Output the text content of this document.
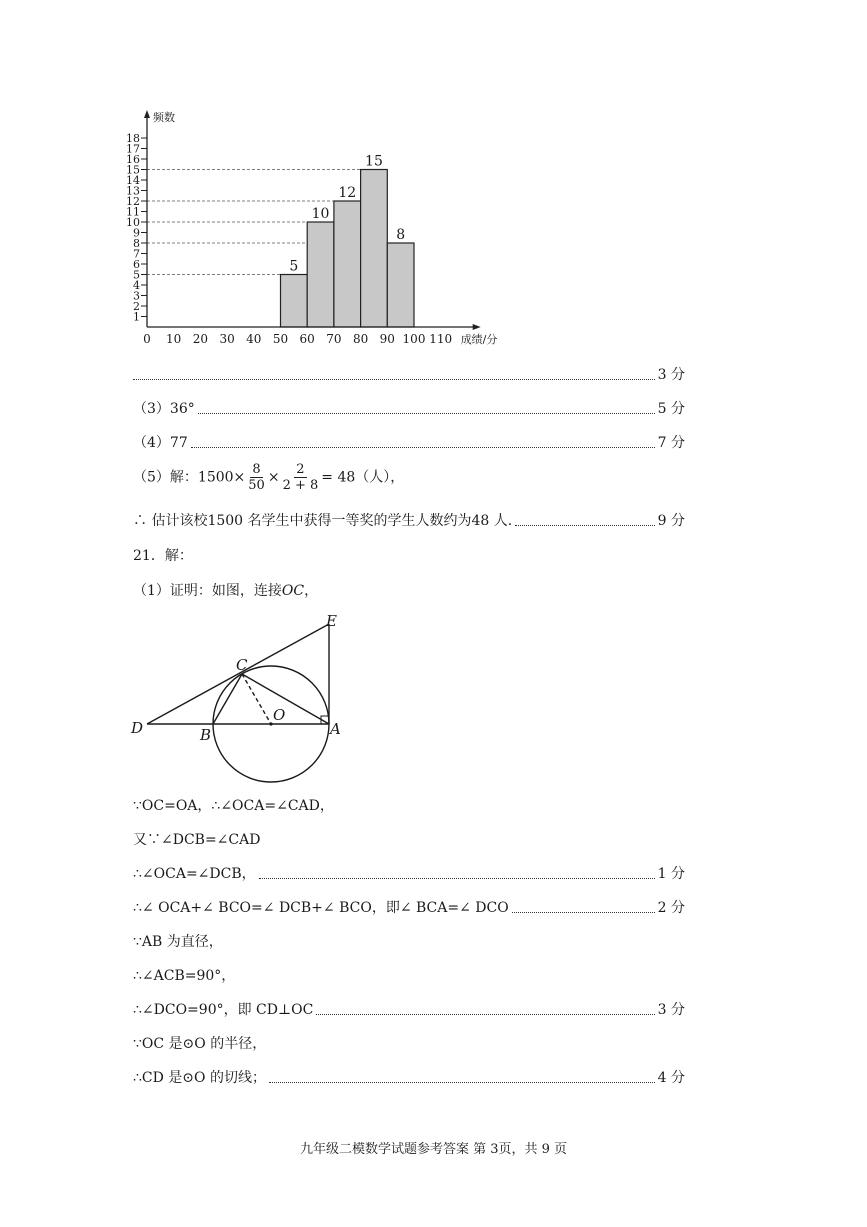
5
10
12
15
8
1
2
3
4
5
6
7
8
9
10
11
12
13
14
15
16
17
18
0 10 20 30 40 50 60 70 80 90 100 110
频数
成绩/分
3 分
（3）36°	5 分
（4）77	7 分
（5）解：$1500\times \frac{8}{50} \times \frac{2}{2 + 8} = 48$（人），
∴ 估计该校1500 名学生中获得一等奖的学生人数约为48 人.	9 分
21．解：
（1）证明：如图，连接OC，
E
C
D	B
O
A
∵OC=OA，∴∠OCA=∠CAD，
又∵∠DCB=∠CAD
∴∠OCA=∠DCB，	1 分
∴∠ OCA+∠ BCO=∠ DCB+∠ BCO，即∠ BCA=∠ DCO	2 分
∵AB 为直径，
∴∠ACB=90°，
∴∠DCO=90°，即 CD⊥OC	3 分
∵OC 是⊙O 的半径，
∴CD 是⊙O 的切线；	4 分
九年级二模数学试题参考答案 第 3页，共 9 页
